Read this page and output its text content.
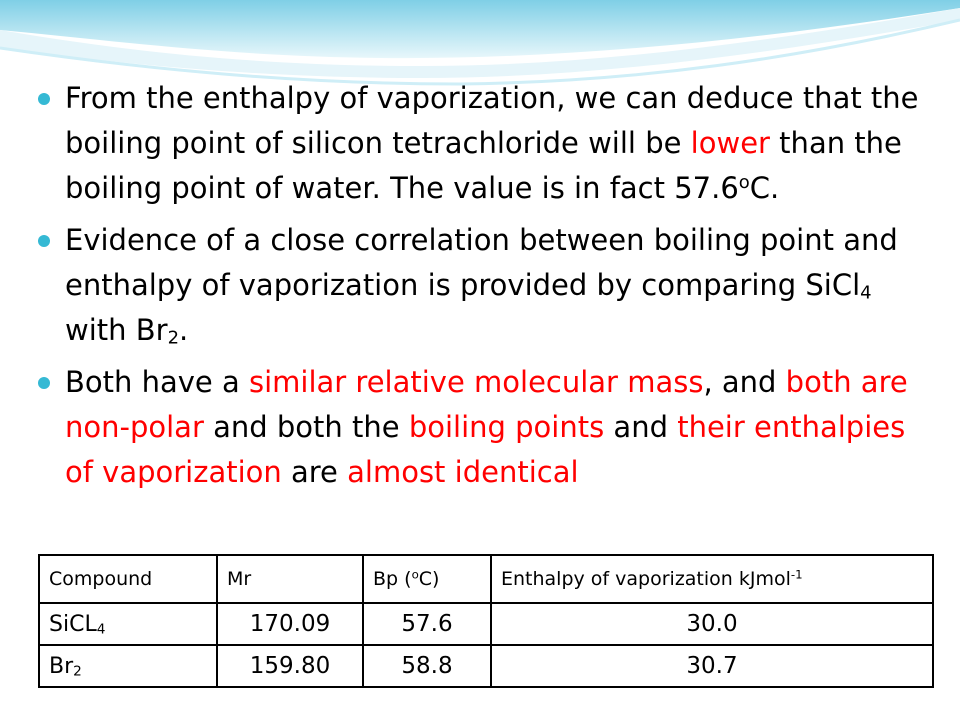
From the enthalpy of vaporization, we can deduce that the boiling point of silicon tetrachloride will be lower than the boiling point of water. The value is in fact 57.6$^o$C.
Evidence of a close correlation between boiling point and enthalpy of vaporization is provided by comparing SiCl$_4$ with $Br_2$.
Both have a similar relative molecular mass, and both are non-polar and both the boiling points and their enthalpies of vaporization are almost identical
Compound	Mr	Bp ($^o$C)	Enthalpy of vaporization kJmol$^{-1}$
SiCL$_4$	170.09	57.6	30.0
$Br_2$	159.80	58.8	30.7
